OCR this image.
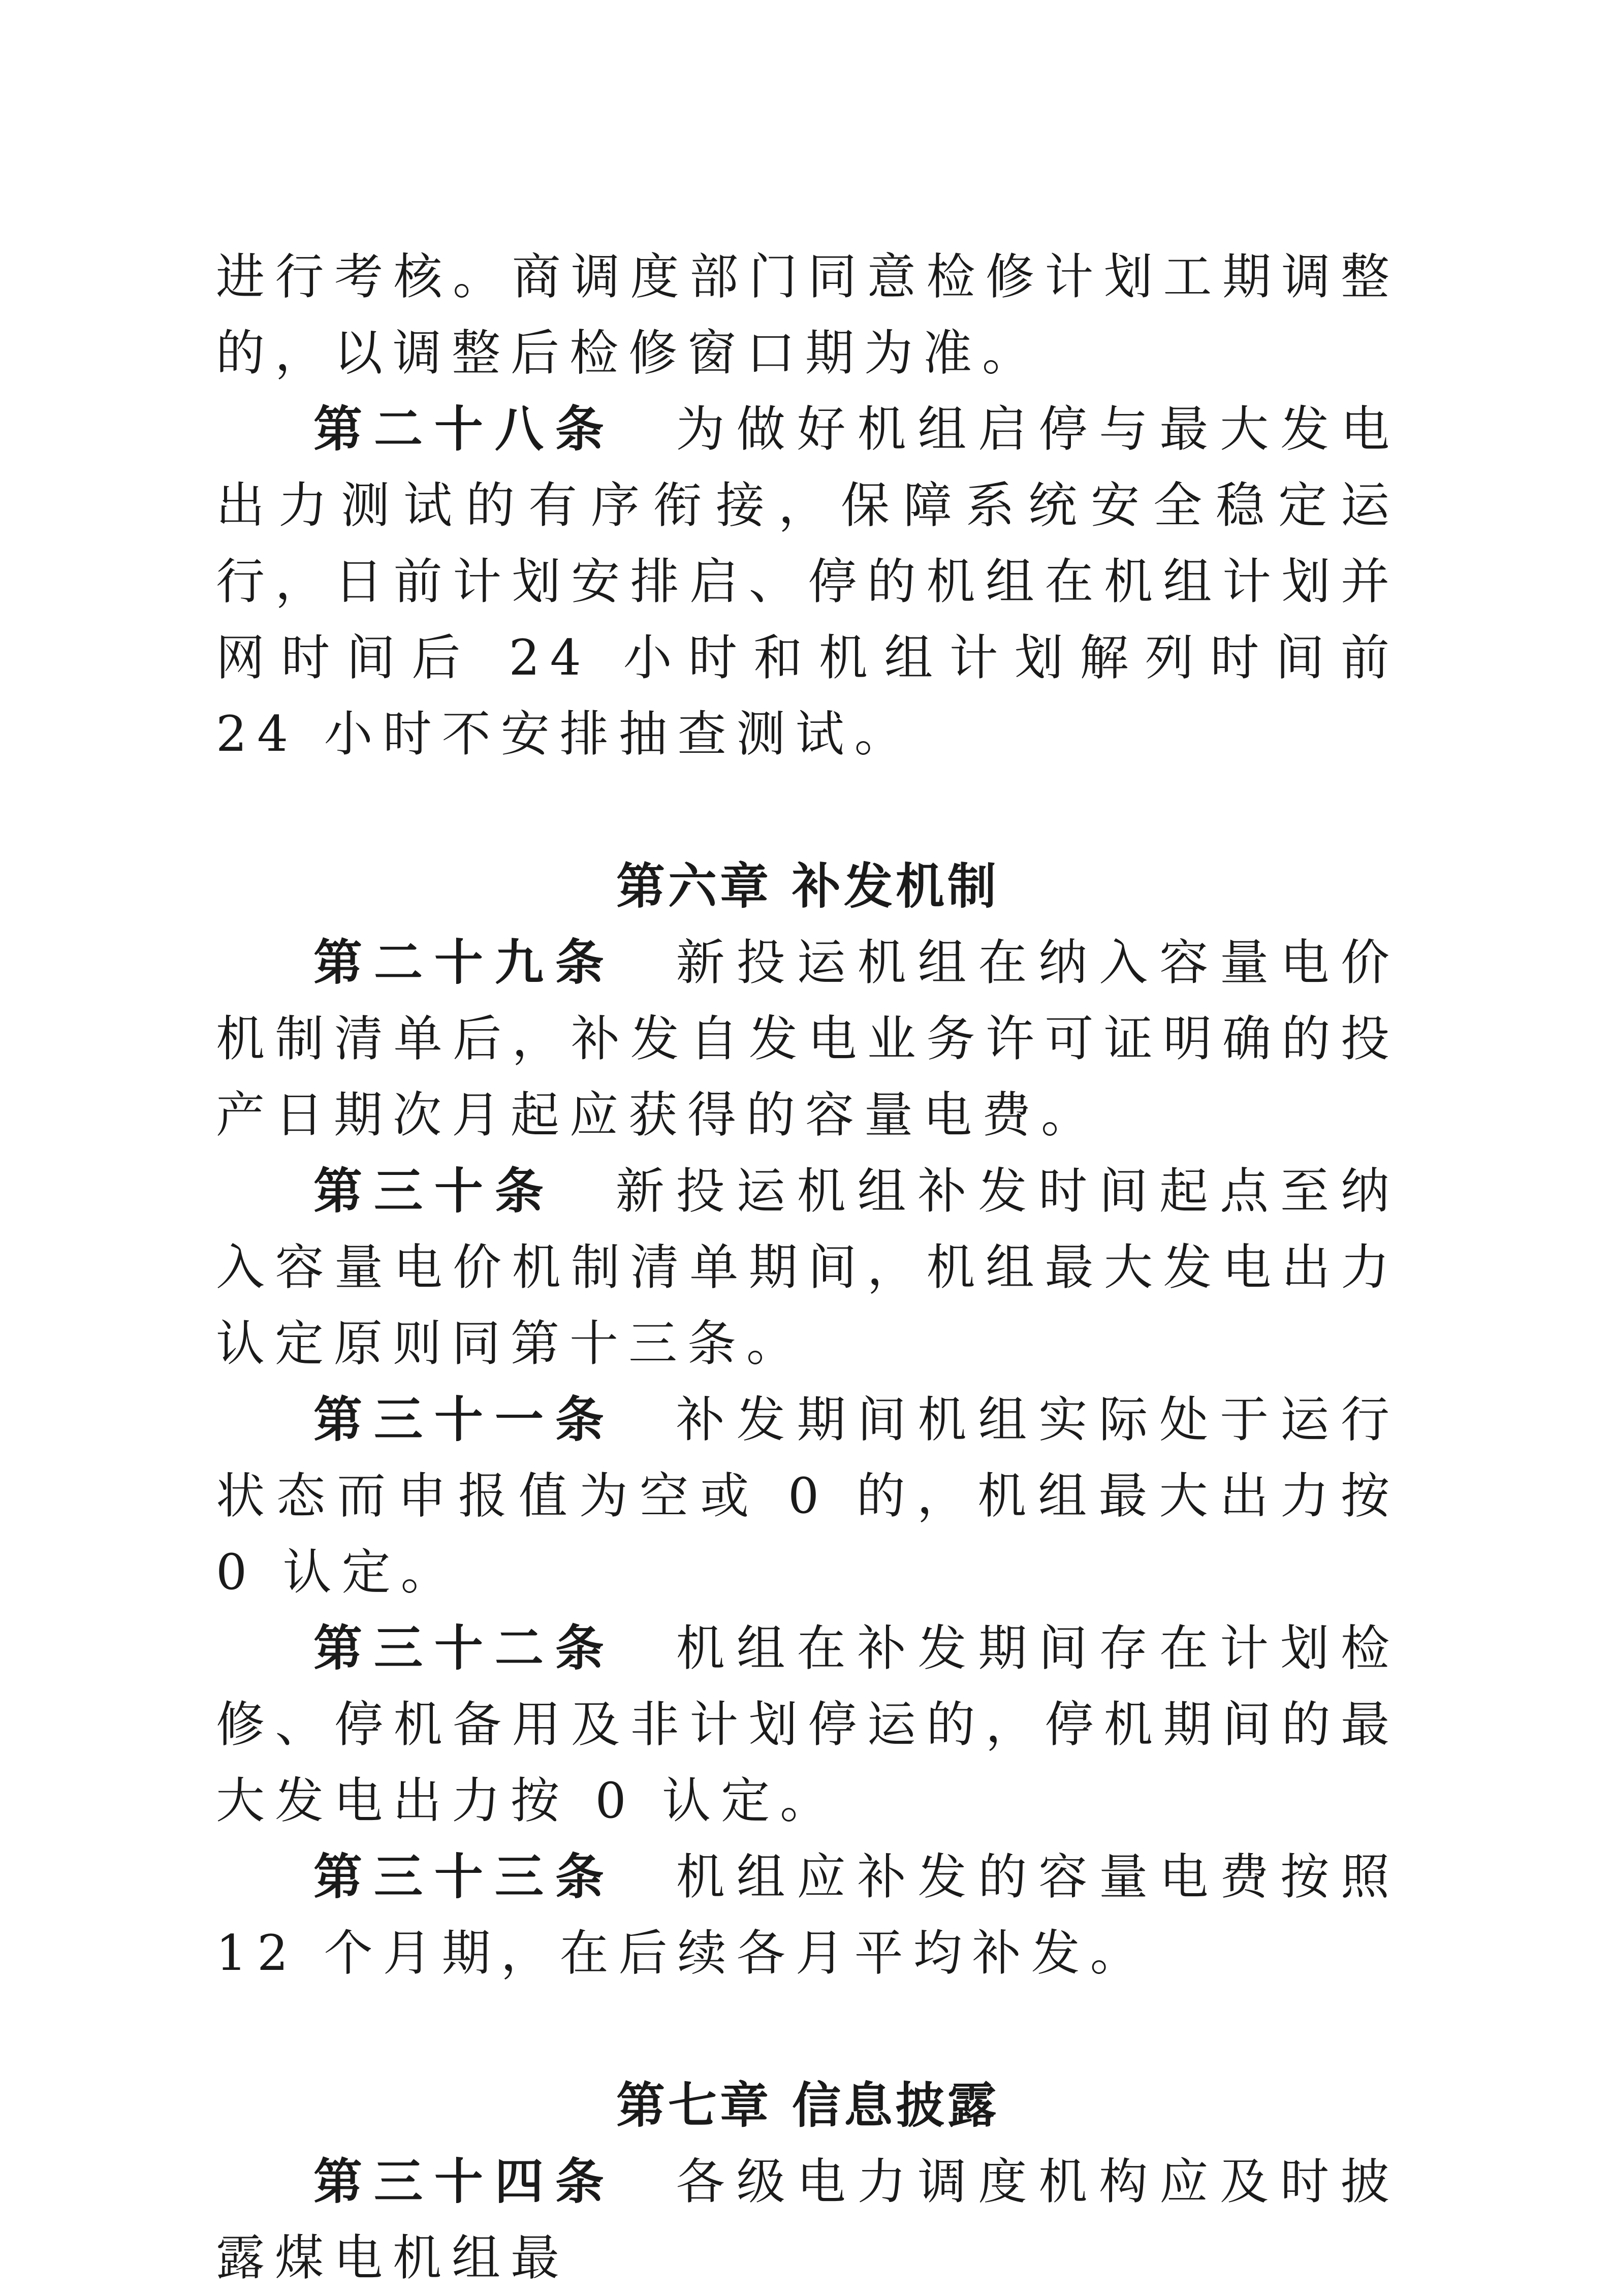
进行考核。商调度部门同意检修计划工期调整的，以调整后检修窗口期为准。

第二十八条  为做好机组启停与最大发电出力测试的有序衔接，保障系统安全稳定运行，日前计划安排启、停的机组在机组计划并网时间后 24 小时和机组计划解列时间前 24 小时不安排抽查测试。

第六章 补发机制

第二十九条  新投运机组在纳入容量电价机制清单后，补发自发电业务许可证明确的投产日期次月起应获得的容量电费。

第三十条  新投运机组补发时间起点至纳入容量电价机制清单期间，机组最大发电出力认定原则同第十三条。

第三十一条  补发期间机组实际处于运行状态而申报值为空或 0 的，机组最大出力按 0 认定。

第三十二条  机组在补发期间存在计划检修、停机备用及非计划停运的，停机期间的最大发电出力按 0 认定。

第三十三条  机组应补发的容量电费按照 12 个月期，在后续各月平均补发。

第七章 信息披露

第三十四条  各级电力调度机构应及时披露煤电机组最
